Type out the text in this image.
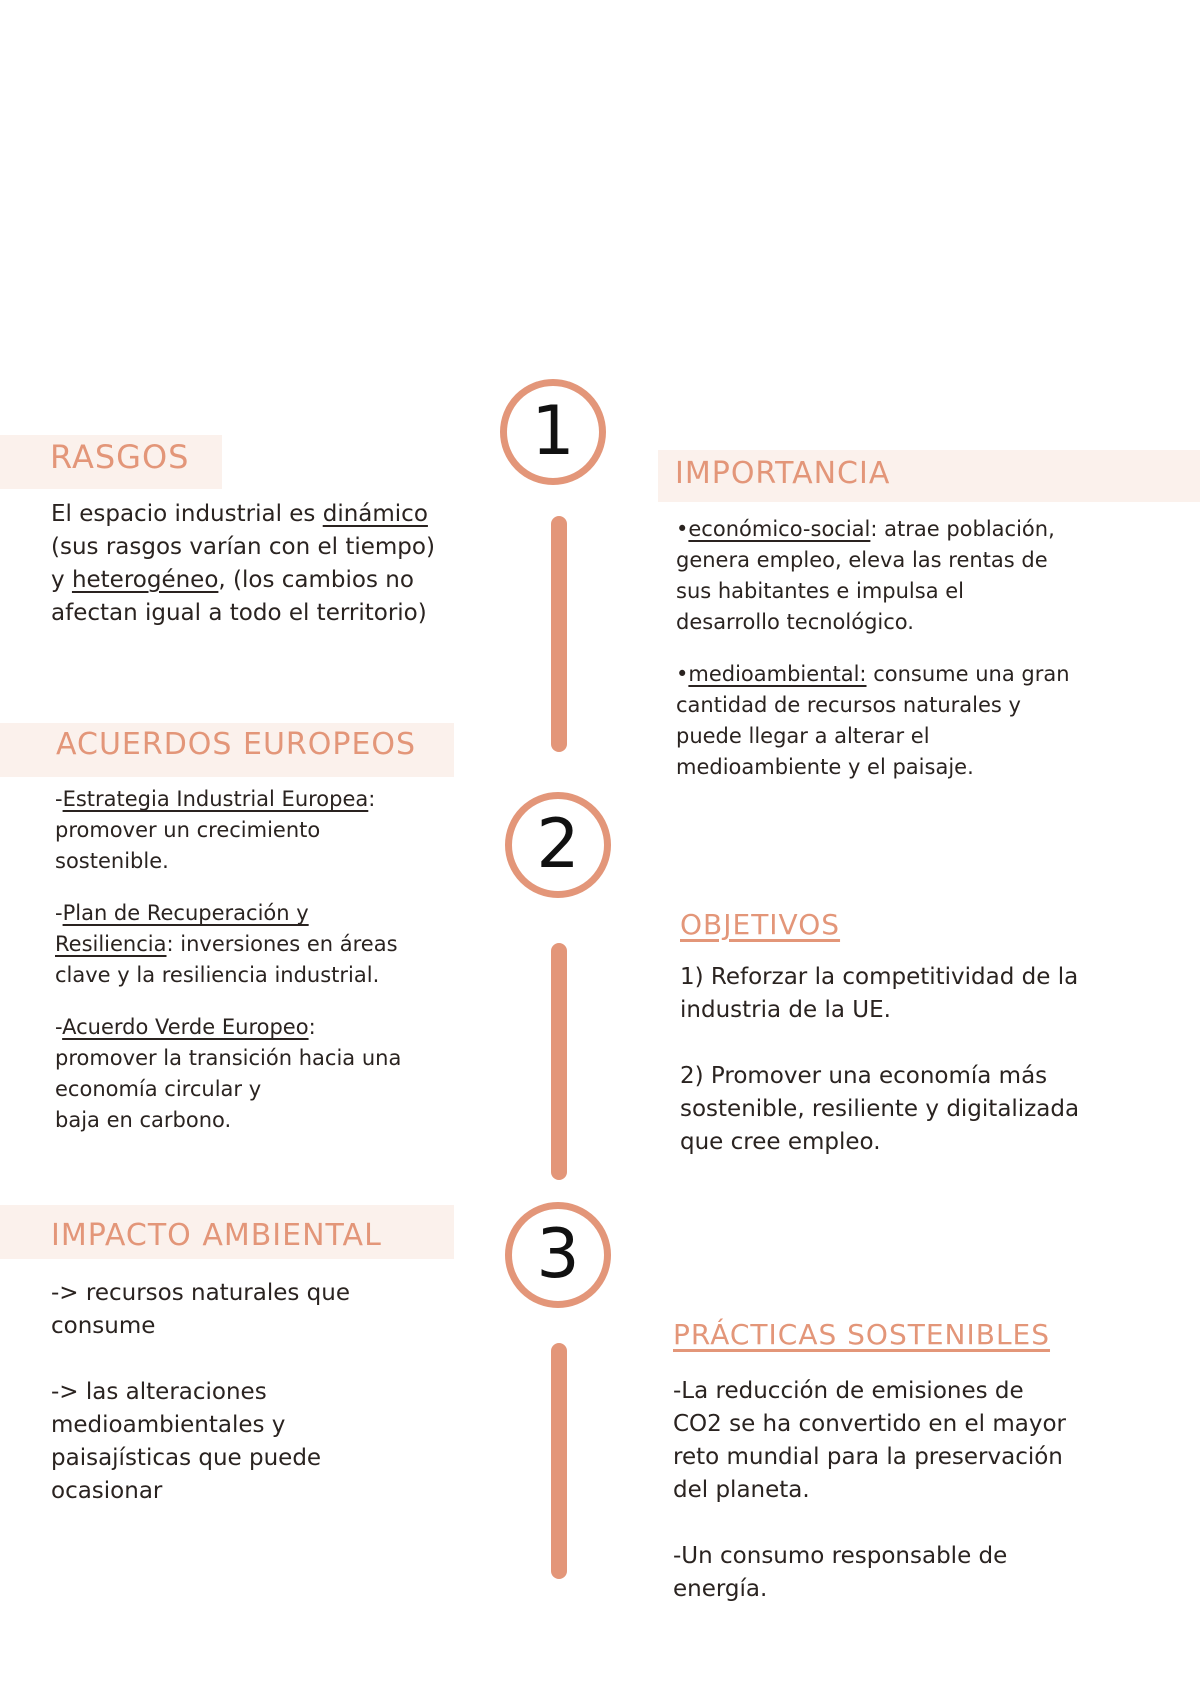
1
2
3
RASGOS

El espacio industrial es dinámico

(sus rasgos varían con el tiempo)

y heterogéneo, (los cambios no

afectan igual a todo el territorio)

IMPORTANCIA

•económico-social: atrae población,

genera empleo, eleva las rentas de

sus habitantes e impulsa el

desarrollo tecnológico.

•medioambiental: consume una gran

cantidad de recursos naturales y

puede llegar a alterar el

medioambiente y el paisaje.

ACUERDOS EUROPEOS

-Estrategia Industrial Europea:

promover un crecimiento

sostenible.

-Plan de Recuperación y

Resiliencia: inversiones en áreas

clave y la resiliencia industrial.

-Acuerdo Verde Europeo:

promover la transición hacia una

economía circular y

baja en carbono.

OBJETIVOS

1) Reforzar la competitividad de la

industria de la UE.

2) Promover una economía más

sostenible, resiliente y digitalizada

que cree empleo.

IMPACTO AMBIENTAL

-> recursos naturales que

consume

-> las alteraciones

medioambientales y

paisajísticas que puede

ocasionar

PRÁCTICAS SOSTENIBLES

-La reducción de emisiones de

CO2 se ha convertido en el mayor

reto mundial para la preservación

del planeta.

-Un consumo responsable de

energía.
